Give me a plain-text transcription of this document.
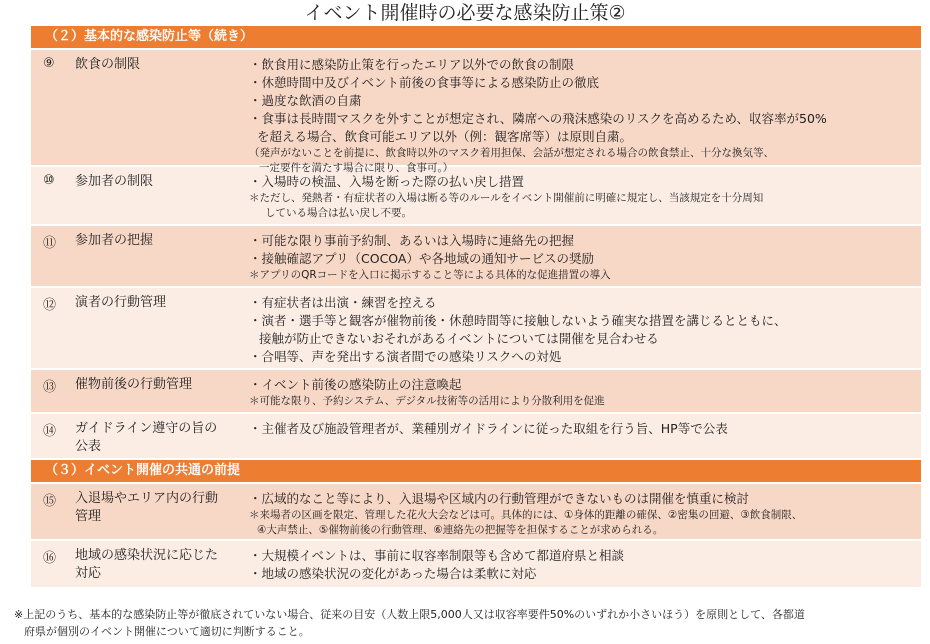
イベント開催時の必要な感染防止策②
（２）基本的な感染防止等（続き）
⑨	飲食の制限	・飲食用に感染防止策を行ったエリア以外での飲食の制限
・休憩時間中及びイベント前後の食事等による感染防止の徹底
・過度な飲酒の自粛
・食事は長時間マスクを外すことが想定され、隣席への飛沫感染のリスクを高めるため、収容率が50%
を超える場合、飲食可能エリア以外（例：観客席等）は原則自粛。
（発声がないことを前提に、飲食時以外のマスク着用担保、会話が想定される場合の飲食禁止、十分な換気等、
一定要件を満たす場合に限り、食事可。）
⑩	参加者の制限	・入場時の検温、入場を断った際の払い戻し措置
＊ただし、発熱者・有症状者の入場は断る等のルールをイベント開催前に明確に規定し、当該規定を十分周知
している場合は払い戻し不要。
⑪	参加者の把握	・可能な限り事前予約制、あるいは入場時に連絡先の把握
・接触確認アプリ（COCOA）や各地域の通知サービスの奨励
＊アプリのQRコードを入口に掲示すること等による具体的な促進措置の導入
⑫	演者の行動管理	・有症状者は出演・練習を控える
・演者・選手等と観客が催物前後・休憩時間等に接触しないよう確実な措置を講じるとともに、
接触が防止できないおそれがあるイベントについては開催を見合わせる
・合唱等、声を発出する演者間での感染リスクへの対処
⑬	催物前後の行動管理	・イベント前後の感染防止の注意喚起
＊可能な限り、予約システム、デジタル技術等の活用により分散利用を促進
⑭	ガイドライン遵守の旨の
公表
・主催者及び施設管理者が、業種別ガイドラインに従った取組を行う旨、HP等で公表
（３）イベント開催の共通の前提
⑮	入退場やエリア内の行動
管理
・広域的なこと等により、入退場や区域内の行動管理ができないものは開催を慎重に検討
＊来場者の区画を限定、管理した花火大会などは可。具体的には、①身体的距離の確保、②密集の回避、③飲食制限、
④大声禁止、⑤催物前後の行動管理、⑥連絡先の把握等を担保することが求められる。
⑯	地域の感染状況に応じた
対応
・大規模イベントは、事前に収容率制限等も含めて都道府県と相談
・地域の感染状況の変化があった場合は柔軟に対応
※上記のうち、基本的な感染防止等が徹底されていない場合、従来の目安（人数上限5,000人又は収容率要件50%のいずれか小さいほう）を原則として、各都道
府県が個別のイベント開催について適切に判断すること。
